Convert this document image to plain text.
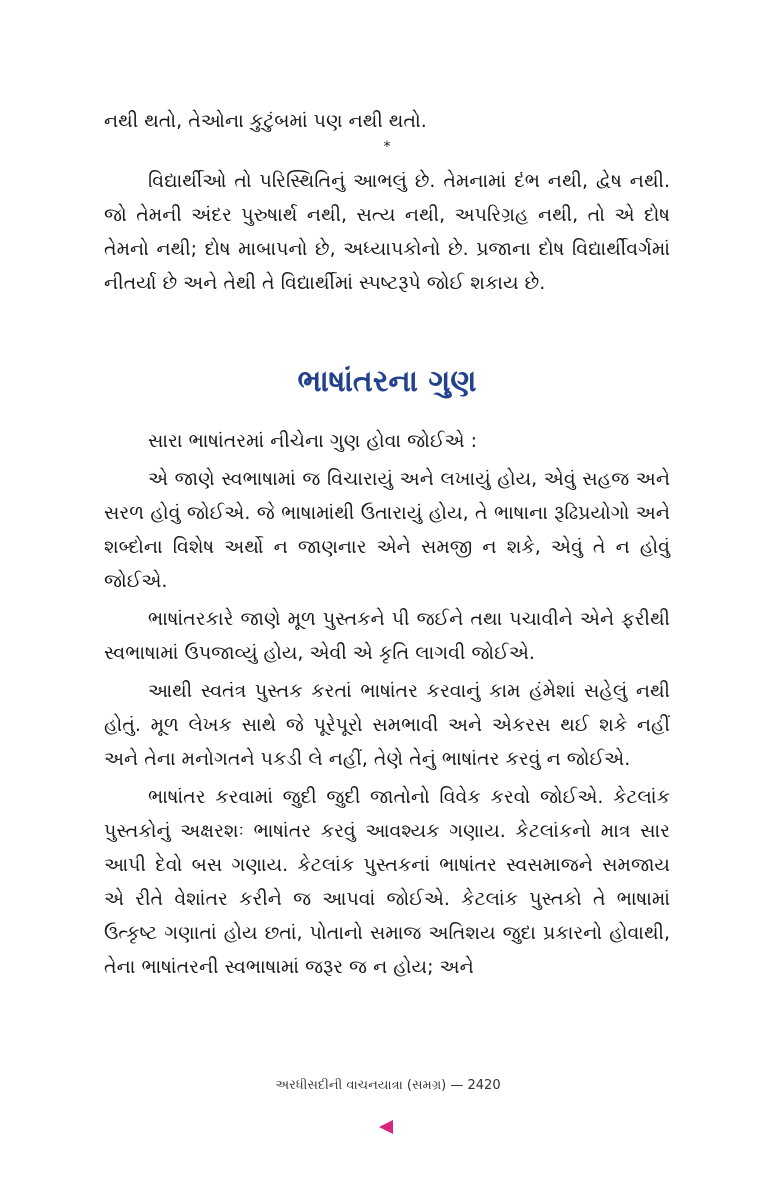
નથી થતો, તેઓના કુટુંબમાં પણ નથી થતો.

*

વિદ્યાર્થીઓ તો પરિસ્થિતિનું આભલું છે. તેમનામાં દંભ નથી, દ્વેષ નથી. જો તેમની અંદર પુરુષાર્થ નથી, સત્ય નથી, અપરિગ્રહ નથી, તો એ દોષ તેમનો નથી; દોષ માબાપનો છે, અધ્યાપકોનો છે. પ્રજાના દોષ વિદ્યાર્થીવર્ગમાં નીતર્યા છે અને તેથી તે વિદ્યાર્થીમાં સ્પષ્ટરૂપે જોઈ શકાય છે.

ભાષાંતરના ગુણ

સારા ભાષાંતરમાં નીચેના ગુણ હોવા જોઈએ :

એ જાણે સ્વભાષામાં જ વિચારાયું અને લખાયું હોય, એવું સહજ અને સરળ હોવું જોઈએ. જે ભાષામાંથી ઉતારાયું હોય, તે ભાષાના રૂઢિપ્રયોગો અને શબ્દોના વિશેષ અર્થો ન જાણનાર એને સમજી ન શકે, એવું તે ન હોવું જોઈએ.

ભાષાંતરકારે જાણે મૂળ પુસ્તકને પી જઈને તથા પચાવીને એને ફરીથી સ્વભાષામાં ઉપજાવ્યું હોય, એવી એ કૃતિ લાગવી જોઈએ.

આથી સ્વતંત્ર પુસ્તક કરતાં ભાષાંતર કરવાનું કામ હંમેશાં સહેલું નથી હોતું. મૂળ લેખક સાથે જે પૂરેપૂરો સમભાવી અને એકરસ થઈ શકે નહીં અને તેના મનોગતને પકડી લે નહીં, તેણે તેનું ભાષાંતર કરવું ન જોઈએ.

ભાષાંતર કરવામાં જુદી જુદી જાતોનો વિવેક કરવો જોઈએ. કેટલાંક પુસ્તકોનું અક્ષરશઃ ભાષાંતર કરવું આવશ્યક ગણાય. કેટલાંકનો માત્ર સાર આપી દેવો બસ ગણાય. કેટલાંક પુસ્તકનાં ભાષાંતર સ્વસમાજને સમજાય એ રીતે વેશાંતર કરીને જ આપવાં જોઈએ. કેટલાંક પુસ્તકો તે ભાષામાં ઉત્કૃષ્ટ ગણાતાં હોય છતાં, પોતાનો સમાજ અતિશય જુદા પ્રકારનો હોવાથી, તેના ભાષાંતરની સ્વભાષામાં જરૂર જ ન હોય; અને

અરધીસદીની વાચનયાત્રા (સમગ્ર) — 2420
